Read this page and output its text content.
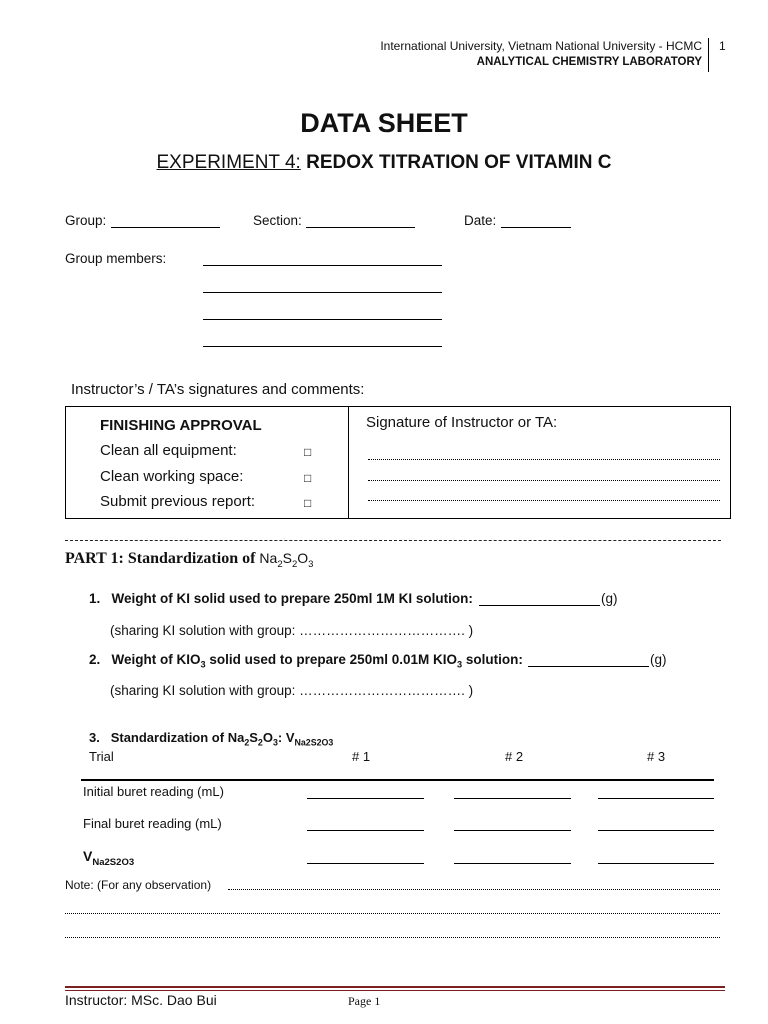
International University, Vietnam National University - HCMC
ANALYTICAL CHEMISTRY LABORATORY
1
DATA SHEET
EXPERIMENT 4: REDOX TITRATION OF VITAMIN C
Group:	Section:	Date:
Group members:
Instructor’s / TA’s signatures and comments:
FINISHING APPROVAL
Clean all equipment:	□
Clean working space:	□
Submit previous report:	□
Signature of Instructor or TA:
PART 1: Standardization of $Na_2S_2O_3$
1. Weight of KI solid used to prepare 250ml 1M KI solution:	(g)
(sharing KI solution with group: ………………………………. )
2. Weight of $KIO_3$ solid used to prepare 250ml 0.01M $KIO_3$ solution:	(g)
(sharing KI solution with group: ………………………………. )
3. Standardization of $Na_2S_2O_3$: $V_{Na2S2O3}$
Trial	# 1	# 2	# 3
Initial buret reading (mL)
Final buret reading (mL)
$V_{Na2S2O3}$
Note: (For any observation)
Instructor: MSc. Dao Bui	Page 1
